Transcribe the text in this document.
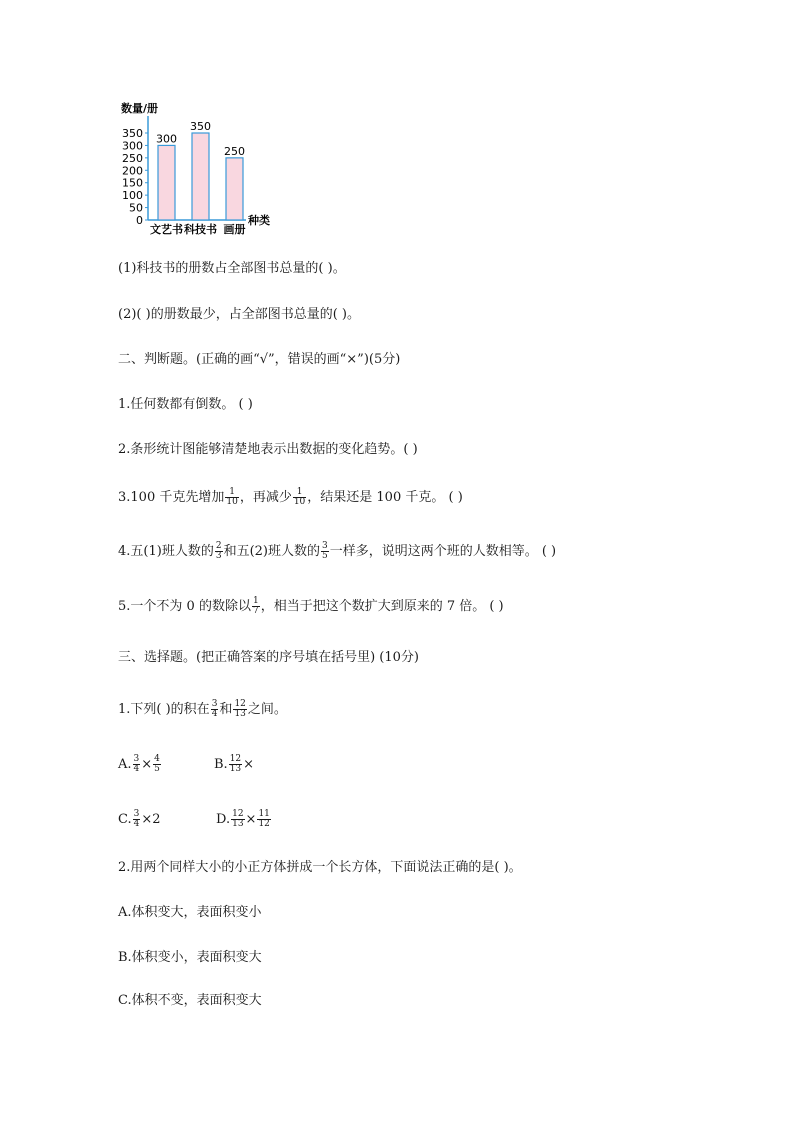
数量/册
0
50
100
150
200
250
300
350 300
文艺书
350
科技书
250
画册
种类
(1)科技书的册数占全部图书总量的( )。
(2)( )的册数最少，占全部图书总量的( )。
二、判断题。(正确的画“√”，错误的画“×”)(5分)
1.任何数都有倒数。 ( )
2.条形统计图能够清楚地表示出数据的变化趋势。( )
3.100 千克先增加 $\frac{1}{10}$ ，再减少 $\frac{1}{10}$ ，结果还是 100 千克。 ( )
4.五(1)班人数的 $\frac{2}{3}$ 和五(2)班人数的 $\frac{3}{5}$ 一样多，说明这两个班的人数相等。 ( )
5.一个不为 0 的数除以 $\frac{1}{7}$ ，相当于把这个数扩大到原来的 7 倍。 ( )
三、选择题。(把正确答案的序号填在括号里) (10分)
1.下列( )的积在 $\frac{3}{4}$ 和 $\frac{12}{13}$ 之间。
A. $\frac{3}{4} \times \frac{4}{5}$	B. $\frac{12}{13}$ ×
C. $\frac{3}{4} \times 2$	D. $\frac{12}{13} \times \frac{11}{12}$
2.用两个同样大小的小正方体拼成一个长方体，下面说法正确的是( )。
A.体积变大，表面积变小
B.体积变小，表面积变大
C.体积不变，表面积变大
